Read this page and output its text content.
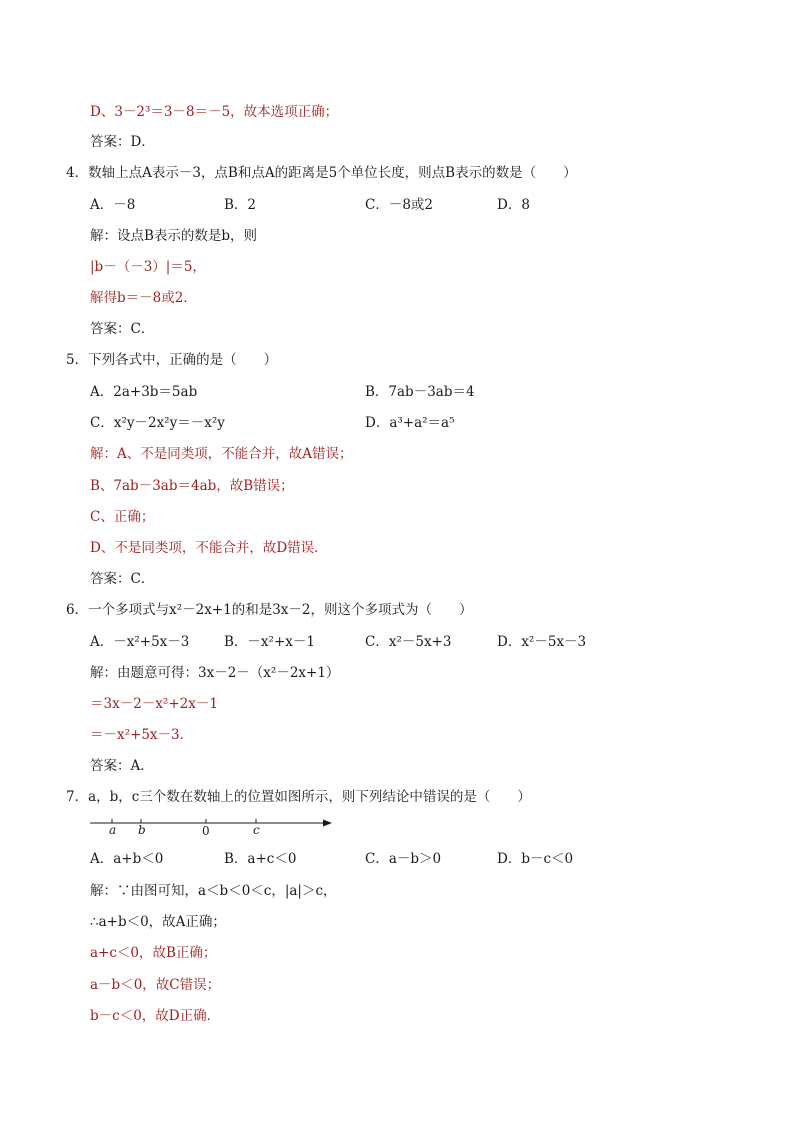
D、3－2³＝3－8＝－5，故本选项正确；
答案：D．
4．数轴上点A表示－3，点B和点A的距离是5个单位长度，则点B表示的数是（　　）
A．－8	B．2	C．－8或2	D．8
解：设点B表示的数是b，则
|b－（－3）|＝5，
解得b＝－8或2．
答案：C．
5．下列各式中，正确的是（　　）
A．2a+3b＝5ab	B．7ab－3ab＝4
C．x²y－2x²y＝－x²y	D．a³+a²＝a⁵
解：A、不是同类项，不能合并，故A错误；
B、7ab－3ab＝4ab，故B错误；
C、正确；
D、不是同类项，不能合并，故D错误．
答案：C．
6．一个多项式与x²－2x+1的和是3x－2，则这个多项式为（　　）
A．－x²+5x－3	B．－x²+x－1	C．x²－5x+3	D．x²－5x－3
解：由题意可得：3x－2－（x²－2x+1）
＝3x－2－x²+2x－1
＝－x²+5x－3．
答案：A．
7．a，b，c三个数在数轴上的位置如图所示，则下列结论中错误的是（　　）
a b	0	c
A．a+b＜0	B．a+c＜0	C．a－b＞0	D．b－c＜0
解：∵由图可知，a＜b＜0＜c，|a|＞c，
∴a+b＜0，故A正确；
a+c＜0，故B正确；
a－b＜0，故C错误；
b－c＜0，故D正确．
